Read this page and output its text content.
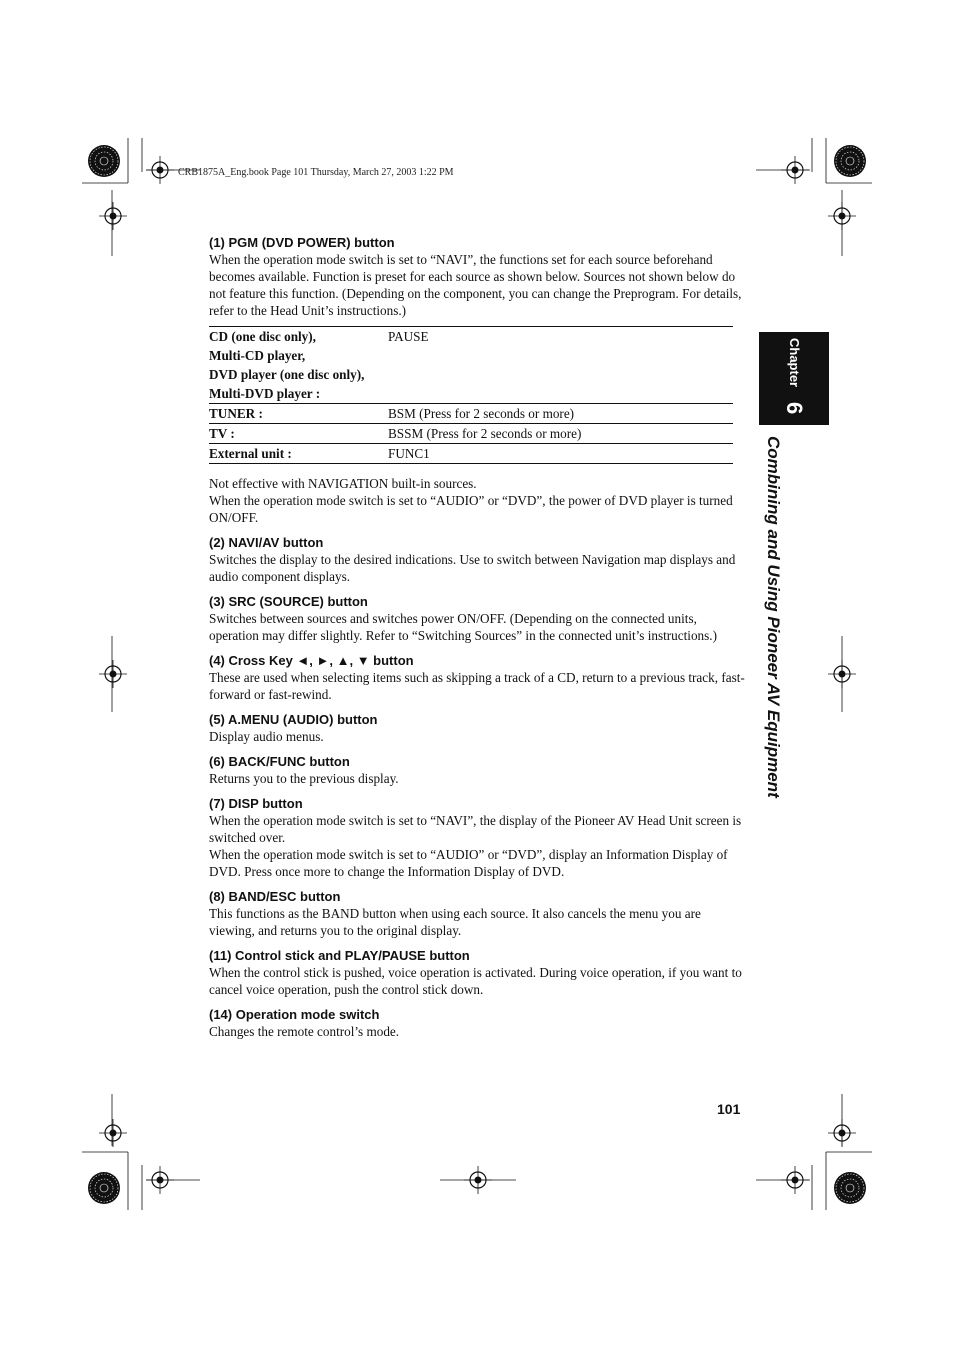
CRB1875A_Eng.book Page 101 Thursday, March 27, 2003 1:22 PM
Chapter
6
Combining and Using Pioneer AV Equipment
(1) PGM (DVD POWER) button

When the operation mode switch is set to “NAVI”, the functions set for each source beforehand becomes available. Function is preset for each source as shown below. Sources not shown below do not feature this function. (Depending on the component, you can change the Preprogram. For details, refer to the Head Unit’s instructions.)

CD (one disc only),	PAUSE
Multi-CD player,	
DVD player (one disc only),	
Multi-DVD player :	
TUNER :	BSM (Press for 2 seconds or more)
TV :	BSSM (Press for 2 seconds or more)
External unit :	FUNC1

Not effective with NAVIGATION built-in sources.

When the operation mode switch is set to “AUDIO” or “DVD”, the power of DVD player is turned ON/OFF.

(2) NAVI/AV button

Switches the display to the desired indications. Use to switch between Navigation map displays and audio component displays.

(3) SRC (SOURCE) button

Switches between sources and switches power ON/OFF. (Depending on the connected units, operation may differ slightly. Refer to “Switching Sources” in the connected unit’s instructions.)

(4) Cross Key ◄, ►, ▲, ▼ button

These are used when selecting items such as skipping a track of a CD, return to a previous track, fast-forward or fast-rewind.

(5) A.MENU (AUDIO) button

Display audio menus.

(6) BACK/FUNC button

Returns you to the previous display.

(7) DISP button

When the operation mode switch is set to “NAVI”, the display of the Pioneer AV Head Unit screen is switched over.

When the operation mode switch is set to “AUDIO” or “DVD”, display an Information Display of DVD. Press once more to change the Information Display of DVD.

(8) BAND/ESC button

This functions as the BAND button when using each source. It also cancels the menu you are viewing, and returns you to the original display.

(11) Control stick and PLAY/PAUSE button

When the control stick is pushed, voice operation is activated. During voice operation, if you want to cancel voice operation, push the control stick down.

(14) Operation mode switch

Changes the remote control’s mode.

101
